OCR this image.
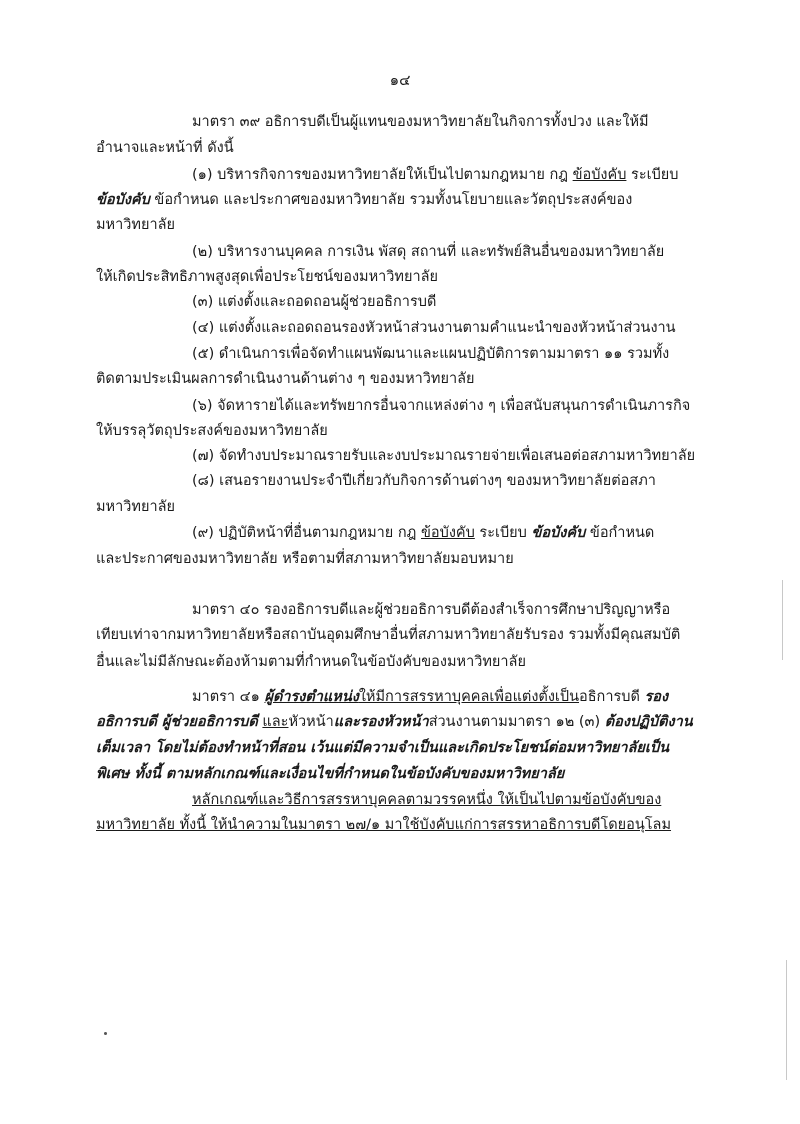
๑๔
มาตรา ๓๙ อธิการบดีเป็นผู้แทนของมหาวิทยาลัยในกิจการทั้งปวง และให้มี
อำนาจและหน้าที่ ดังนี้
(๑) บริหารกิจการของมหาวิทยาลัยให้เป็นไปตามกฎหมาย กฎ ข้อบังคับ ระเบียบ
ข้อบังคับ ข้อกำหนด และประกาศของมหาวิทยาลัย รวมทั้งนโยบายและวัตถุประสงค์ของ
มหาวิทยาลัย
(๒) บริหารงานบุคคล การเงิน พัสดุ สถานที่ และทรัพย์สินอื่นของมหาวิทยาลัย
ให้เกิดประสิทธิภาพสูงสุดเพื่อประโยชน์ของมหาวิทยาลัย
(๓) แต่งตั้งและถอดถอนผู้ช่วยอธิการบดี
(๔) แต่งตั้งและถอดถอนรองหัวหน้าส่วนงานตามคำแนะนำของหัวหน้าส่วนงาน
(๕) ดำเนินการเพื่อจัดทำแผนพัฒนาและแผนปฏิบัติการตามมาตรา ๑๑ รวมทั้ง
ติดตามประเมินผลการดำเนินงานด้านต่าง ๆ ของมหาวิทยาลัย
(๖) จัดหารายได้และทรัพยากรอื่นจากแหล่งต่าง ๆ เพื่อสนับสนุนการดำเนินภารกิจ
ให้บรรลุวัตถุประสงค์ของมหาวิทยาลัย
(๗) จัดทำงบประมาณรายรับและงบประมาณรายจ่ายเพื่อเสนอต่อสภามหาวิทยาลัย
(๘) เสนอรายงานประจำปีเกี่ยวกับกิจการด้านต่างๆ ของมหาวิทยาลัยต่อสภา
มหาวิทยาลัย
(๙) ปฏิบัติหน้าที่อื่นตามกฎหมาย กฎ ข้อบังคับ ระเบียบ ข้อบังคับ ข้อกำหนด
และประกาศของมหาวิทยาลัย หรือตามที่สภามหาวิทยาลัยมอบหมาย
มาตรา ๔๐ รองอธิการบดีและผู้ช่วยอธิการบดีต้องสำเร็จการศึกษาปริญญาหรือ
เทียบเท่าจากมหาวิทยาลัยหรือสถาบันอุดมศึกษาอื่นที่สภามหาวิทยาลัยรับรอง รวมทั้งมีคุณสมบัติ
อื่นและไม่มีลักษณะต้องห้ามตามที่กำหนดในข้อบังคับของมหาวิทยาลัย
มาตรา ๔๑ ผู้ดำรงตำแหน่งให้มีการสรรหาบุคคลเพื่อแต่งตั้งเป็นอธิการบดี รอง
อธิการบดี ผู้ช่วยอธิการบดี และหัวหน้าและรองหัวหน้าส่วนงานตามมาตรา ๑๒ (๓) ต้องปฏิบัติงาน
เต็มเวลา โดยไม่ต้องทำหน้าที่สอน เว้นแต่มีความจำเป็นและเกิดประโยชน์ต่อมหาวิทยาลัยเป็น
พิเศษ ทั้งนี้ ตามหลักเกณฑ์และเงื่อนไขที่กำหนดในข้อบังคับของมหาวิทยาลัย
หลักเกณฑ์และวิธีการสรรหาบุคคลตามวรรคหนึ่ง ให้เป็นไปตามข้อบังคับของ
มหาวิทยาลัย ทั้งนี้ ให้นำความในมาตรา ๒๗/๑ มาใช้บังคับแก่การสรรหาอธิการบดีโดยอนุโลม
